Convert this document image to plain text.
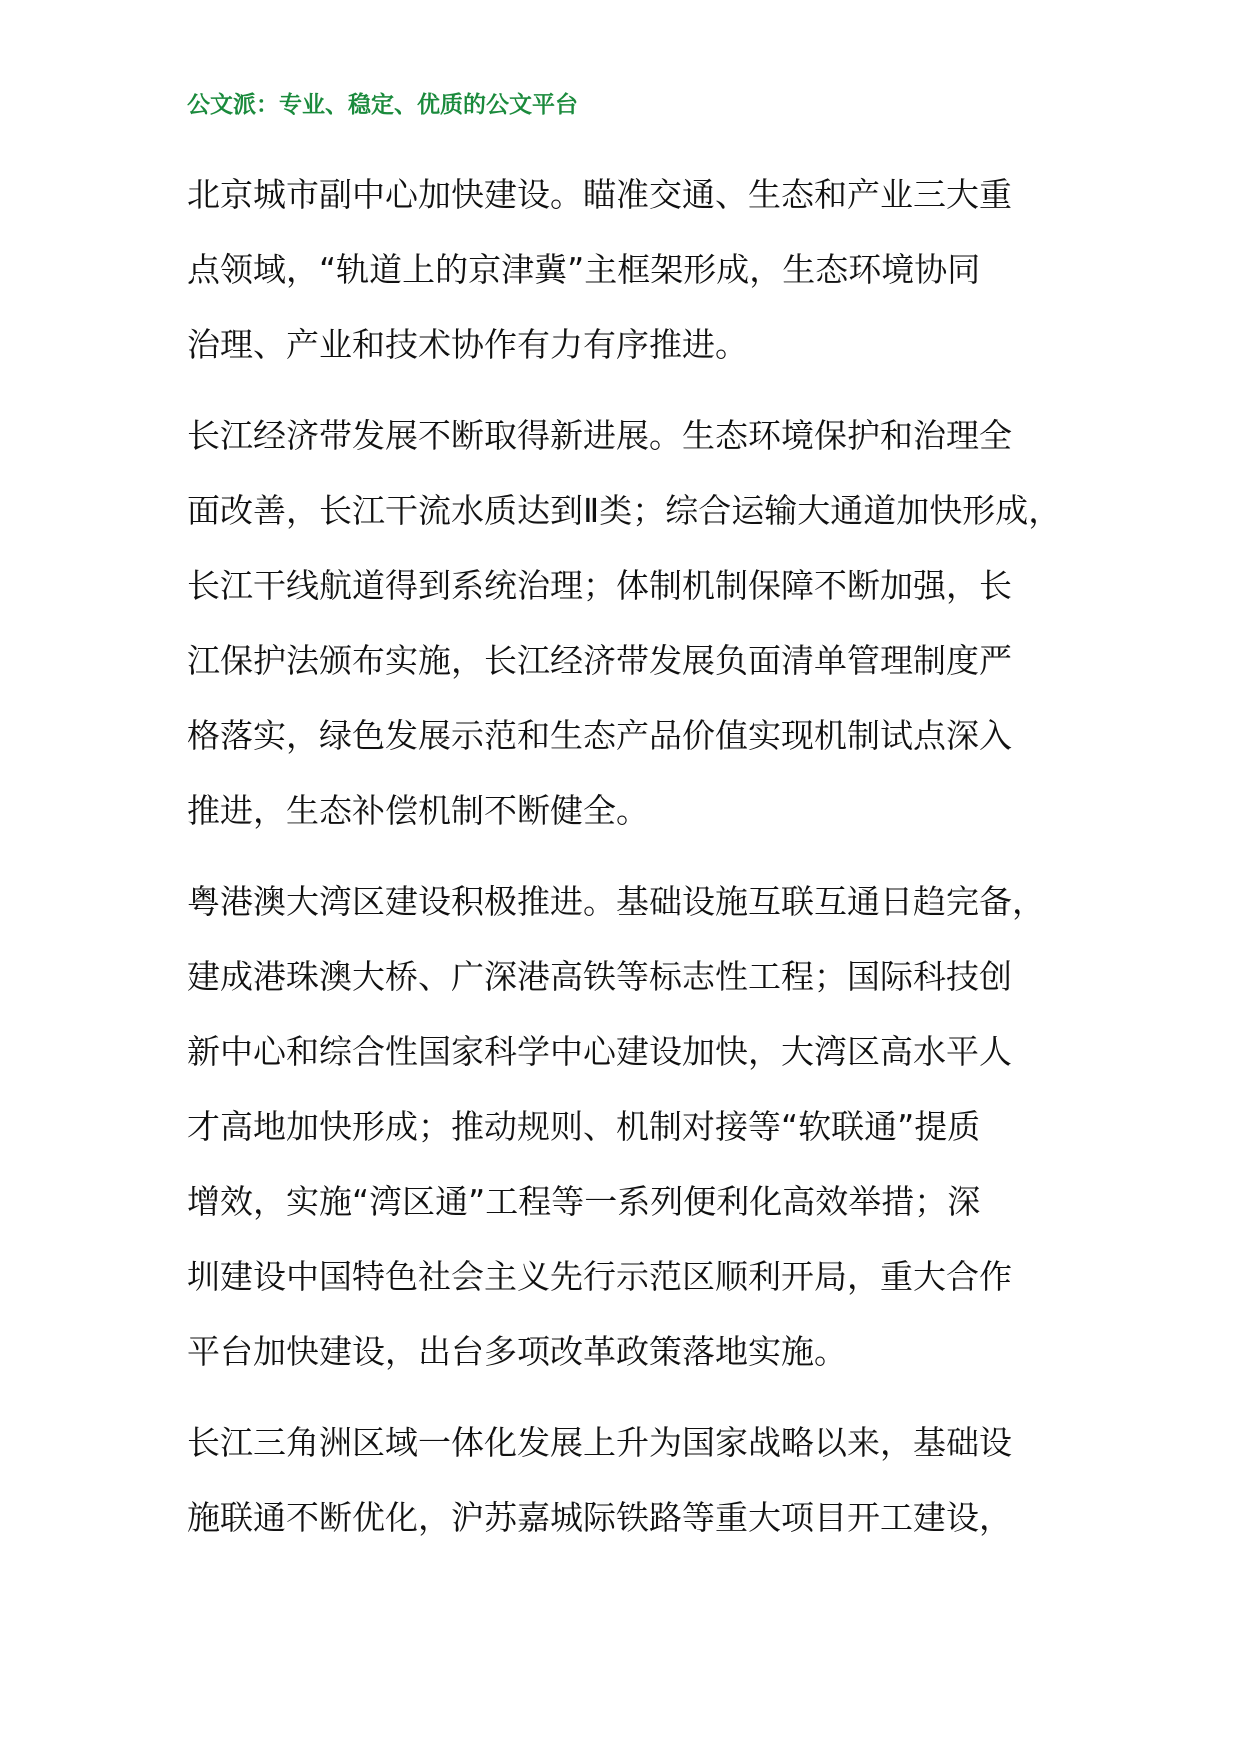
公文派：专业、稳定、优质的公文平台
北京城市副中心加快建设。瞄准交通、生态和产业三大重
点领域，“轨道上的京津冀”主框架形成，生态环境协同
治理、产业和技术协作有力有序推进。
长江经济带发展不断取得新进展。生态环境保护和治理全
面改善，长江干流水质达到Ⅱ类；综合运输大通道加快形成，
长江干线航道得到系统治理；体制机制保障不断加强，长
江保护法颁布实施，长江经济带发展负面清单管理制度严
格落实，绿色发展示范和生态产品价值实现机制试点深入
推进，生态补偿机制不断健全。
粤港澳大湾区建设积极推进。基础设施互联互通日趋完备，
建成港珠澳大桥、广深港高铁等标志性工程；国际科技创
新中心和综合性国家科学中心建设加快，大湾区高水平人
才高地加快形成；推动规则、机制对接等“软联通”提质
增效，实施“湾区通”工程等一系列便利化高效举措；深
圳建设中国特色社会主义先行示范区顺利开局，重大合作
平台加快建设，出台多项改革政策落地实施。
长江三角洲区域一体化发展上升为国家战略以来，基础设
施联通不断优化，沪苏嘉城际铁路等重大项目开工建设，
